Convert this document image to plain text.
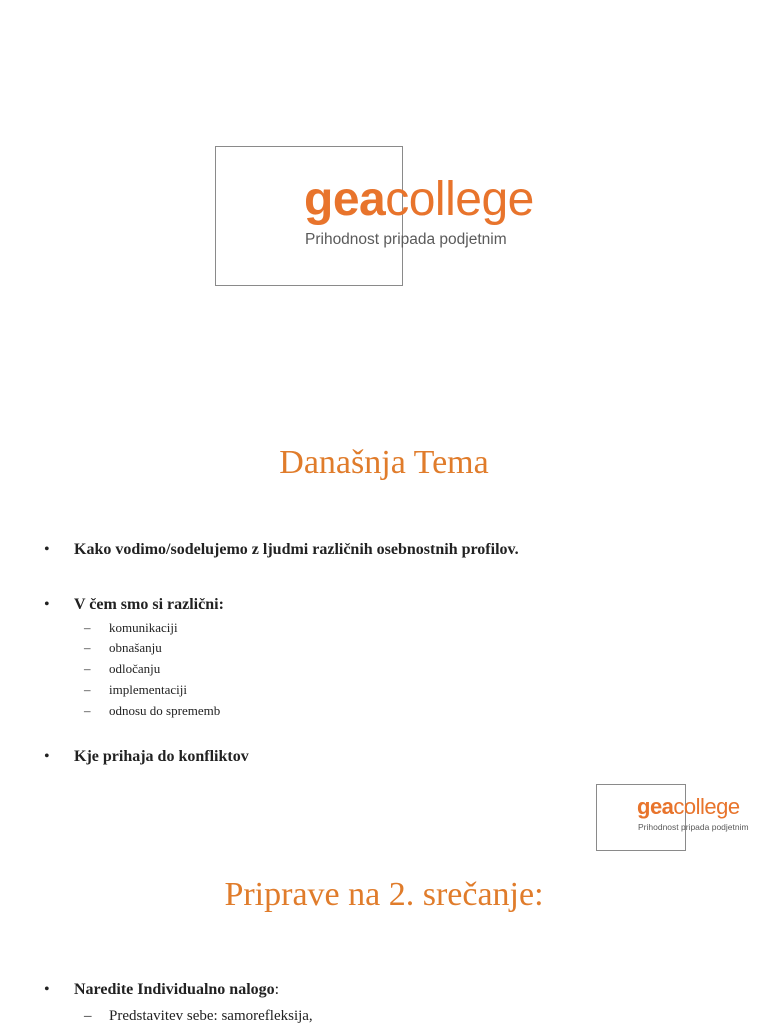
geacollege
Prihodnost pripada podjetnim
Današnja Tema
• Kako vodimo/sodelujemo z ljudmi različnih osebnostnih profilov.
• V čem smo si različni:
– komunikaciji
– obnašanju
– odločanju
– implementaciji
– odnosu do sprememb
• Kje prihaja do konfliktov
geacollege
Prihodnost pripada podjetnim
Priprave na 2. srečanje:
• Naredite Individualno nalogo:
– Predstavitev sebe: samorefleksija,
